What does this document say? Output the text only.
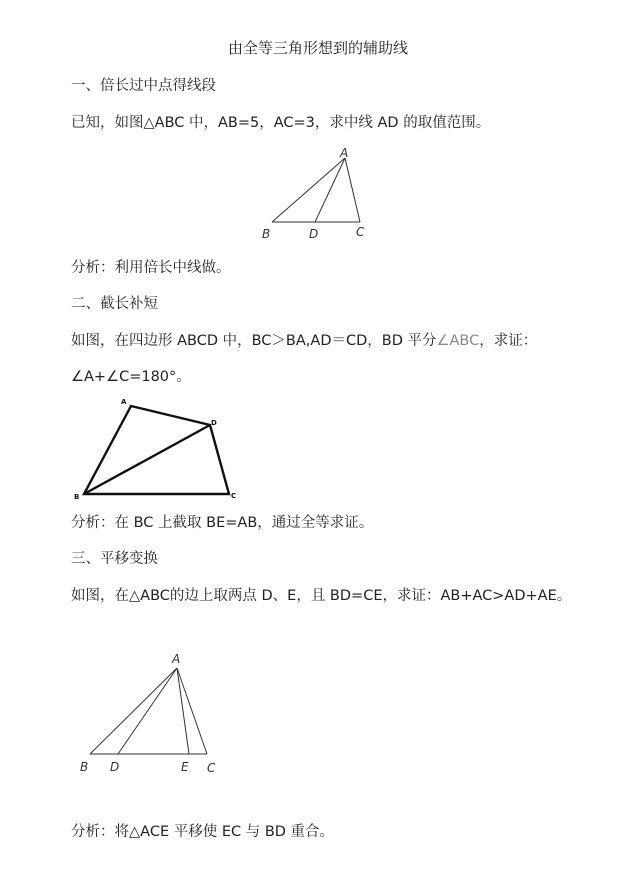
由全等三角形想到的辅助线

一、倍长过中点得线段

已知，如图△ABC 中，AB=5，AC=3，求中线 AD 的取值范围。

A
B	D	C

分析：利用倍长中线做。

二、截长补短

如图，在四边形 ABCD 中，BC＞BA,AD＝CD，BD 平分∠ABC，求证：

∠A+∠C=180°。

A
D
B	C

分析：在 BC 上截取 BE=AB，通过全等求证。

三、平移变换

如图，在△ABC的边上取两点 D、E，且 BD=CE，求证：AB+AC>AD+AE。

A
B D	E C

分析：将△ACE 平移使 EC 与 BD 重合。
